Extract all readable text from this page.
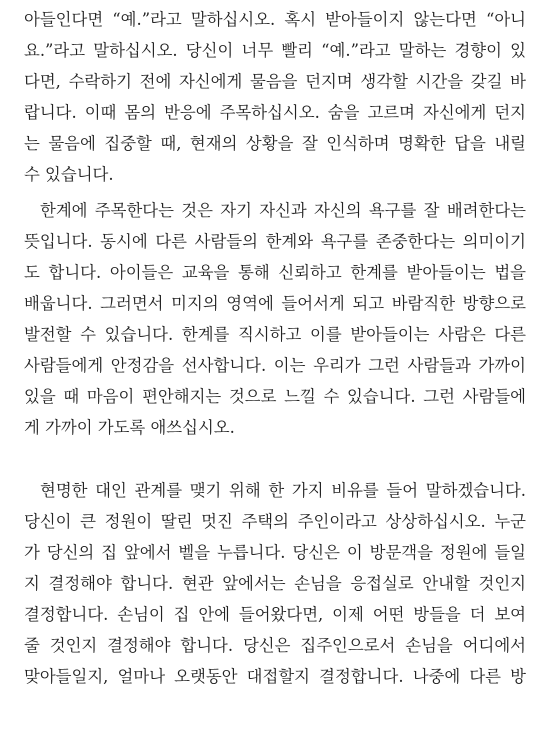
아들인다면 “예.”라고 말하십시오. 혹시 받아들이지 않는다면 “아니
요.”라고 말하십시오. 당신이 너무 빨리 “예.”라고 말하는 경향이 있
다면, 수락하기 전에 자신에게 물음을 던지며 생각할 시간을 갖길 바
랍니다. 이때 몸의 반응에 주목하십시오. 숨을 고르며 자신에게 던지
는 물음에 집중할 때, 현재의 상황을 잘 인식하며 명확한 답을 내릴
수 있습니다.
한계에 주목한다는 것은 자기 자신과 자신의 욕구를 잘 배려한다는
뜻입니다. 동시에 다른 사람들의 한계와 욕구를 존중한다는 의미이기
도 합니다. 아이들은 교육을 통해 신뢰하고 한계를 받아들이는 법을
배웁니다. 그러면서 미지의 영역에 들어서게 되고 바람직한 방향으로
발전할 수 있습니다. 한계를 직시하고 이를 받아들이는 사람은 다른
사람들에게 안정감을 선사합니다. 이는 우리가 그런 사람들과 가까이
있을 때 마음이 편안해지는 것으로 느낄 수 있습니다. 그런 사람들에
게 가까이 가도록 애쓰십시오.
현명한 대인 관계를 맺기 위해 한 가지 비유를 들어 말하겠습니다.
당신이 큰 정원이 딸린 멋진 주택의 주인이라고 상상하십시오. 누군
가 당신의 집 앞에서 벨을 누릅니다. 당신은 이 방문객을 정원에 들일
지 결정해야 합니다. 현관 앞에서는 손님을 응접실로 안내할 것인지
결정합니다. 손님이 집 안에 들어왔다면, 이제 어떤 방들을 더 보여
줄 것인지 결정해야 합니다. 당신은 집주인으로서 손님을 어디에서
맞아들일지, 얼마나 오랫동안 대접할지 결정합니다. 나중에 다른 방
